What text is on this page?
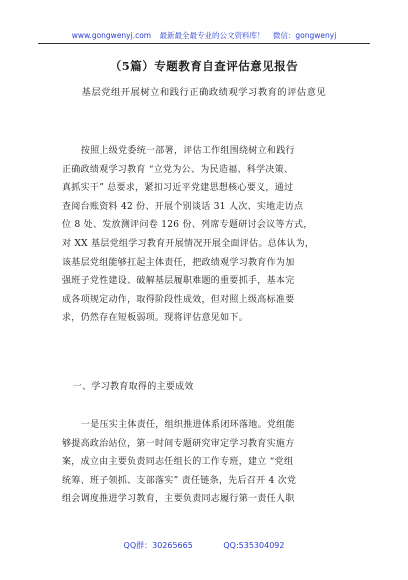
www.gongwenyj.com 最新最全最专业的公文资料库！ 微信：gongwenyj
（5篇）专题教育自查评估意见报告
基层党组开展树立和践行正确政绩观学习教育的评估意见
按照上级党委统一部署，评估工作组围绕树立和践行
正确政绩观学习教育 “立党为公、为民造福、科学决策、
真抓实干” 总要求，紧扣习近平党建思想核心要义，通过
查阅台账资料 42 份、开展个别谈话 31 人次、实地走访点
位 8 处、发放测评问卷 126 份、列席专题研讨会议等方式，
对 XX 基层党组学习教育开展情况开展全面评估。总体认为，
该基层党组能够扛起主体责任，把政绩观学习教育作为加
强班子党性建设、破解基层履职难题的重要抓手，基本完
成各项规定动作，取得阶段性成效，但对照上级高标准要
求，仍然存在短板弱项。现将评估意见如下。
一、学习教育取得的主要成效
一是压实主体责任，组织推进体系闭环落地。党组能
够提高政治站位，第一时间专题研究审定学习教育实施方
案，成立由主要负责同志任组长的工作专班，建立 “党组
统筹、班子领抓、支部落实” 责任链条，先后召开 4 次党
组会调度推进学习教育，主要负责同志履行第一责任人职
QQ群：30265665	QQ:535304092
